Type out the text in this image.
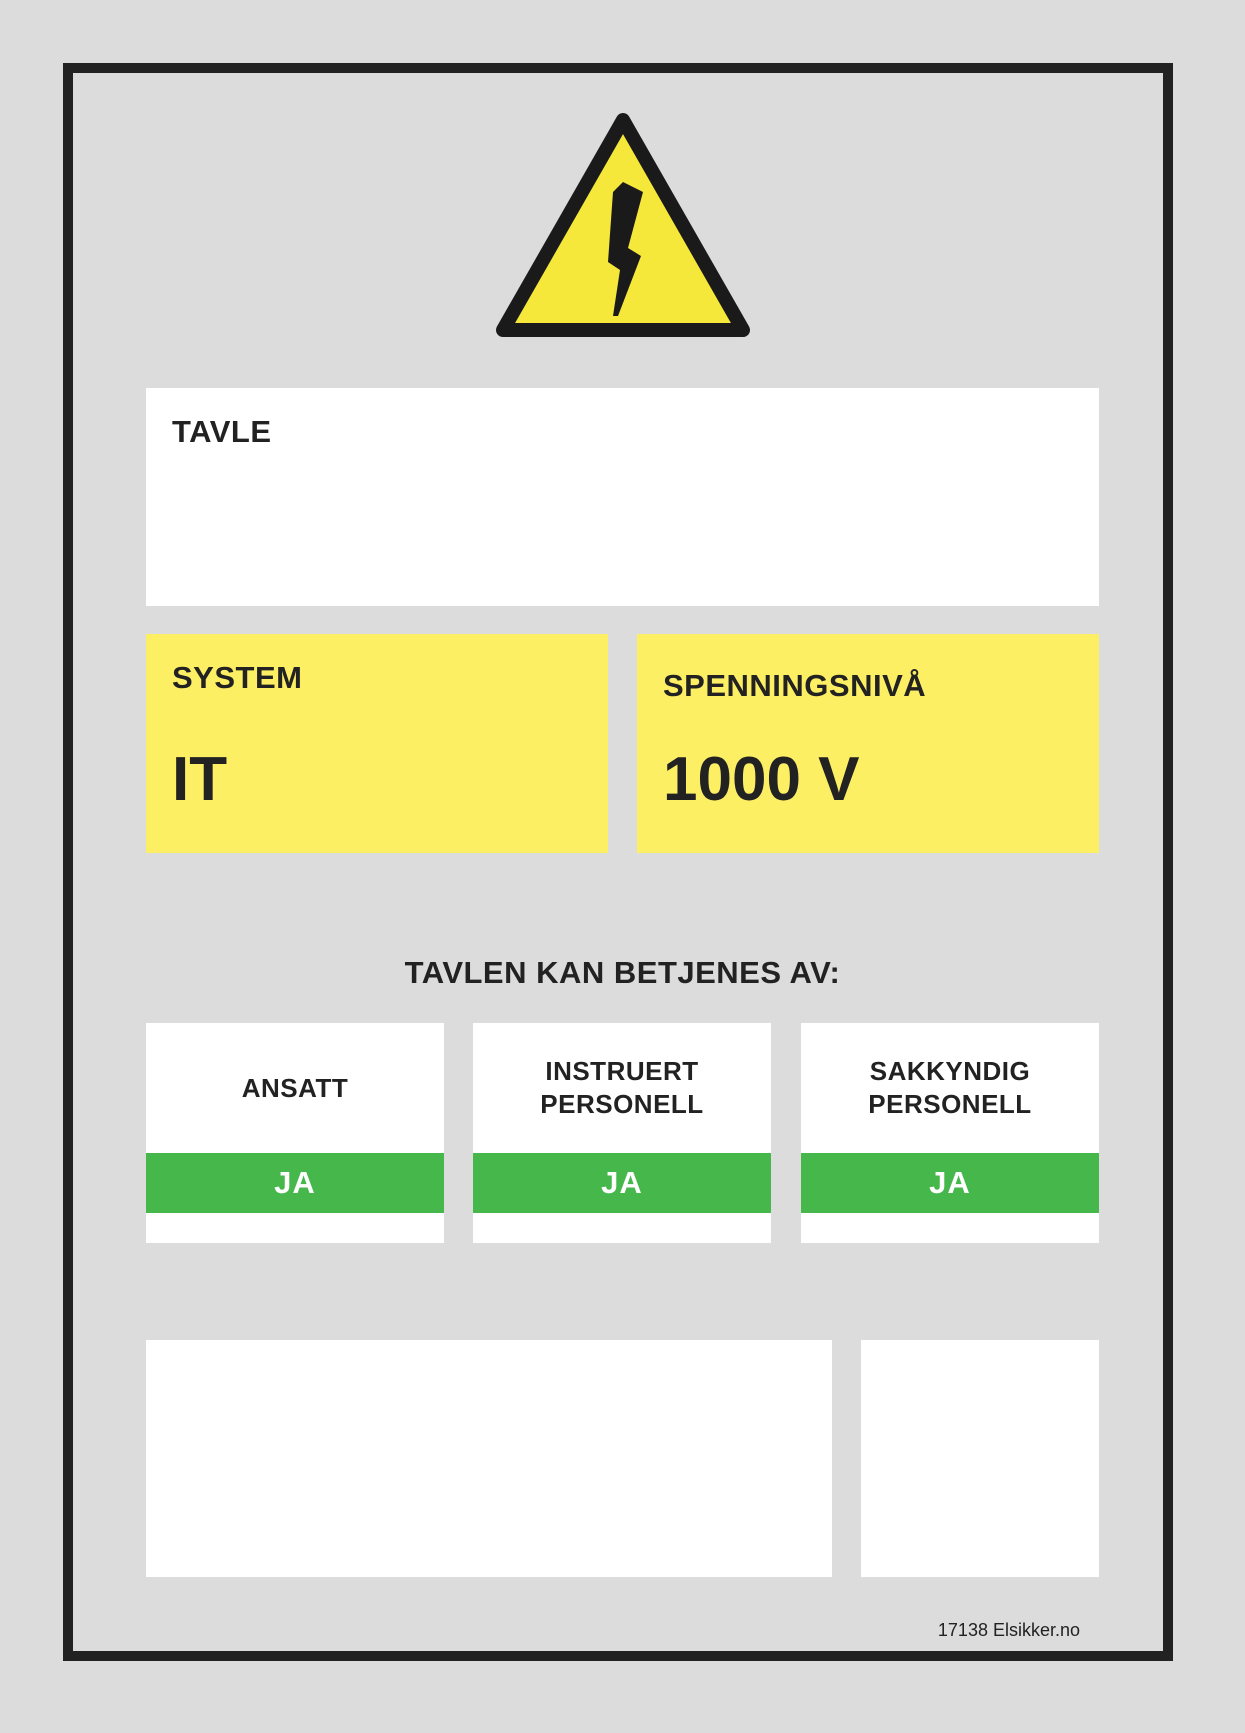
TAVLE
SYSTEM
IT
SPENNINGSNIVÅ
1000 V
TAVLEN KAN BETJENES AV:
ANSATT
JA
INSTRUERT
PERSONELL
JA
SAKKYNDIG
PERSONELL
JA
17138 Elsikker.no
